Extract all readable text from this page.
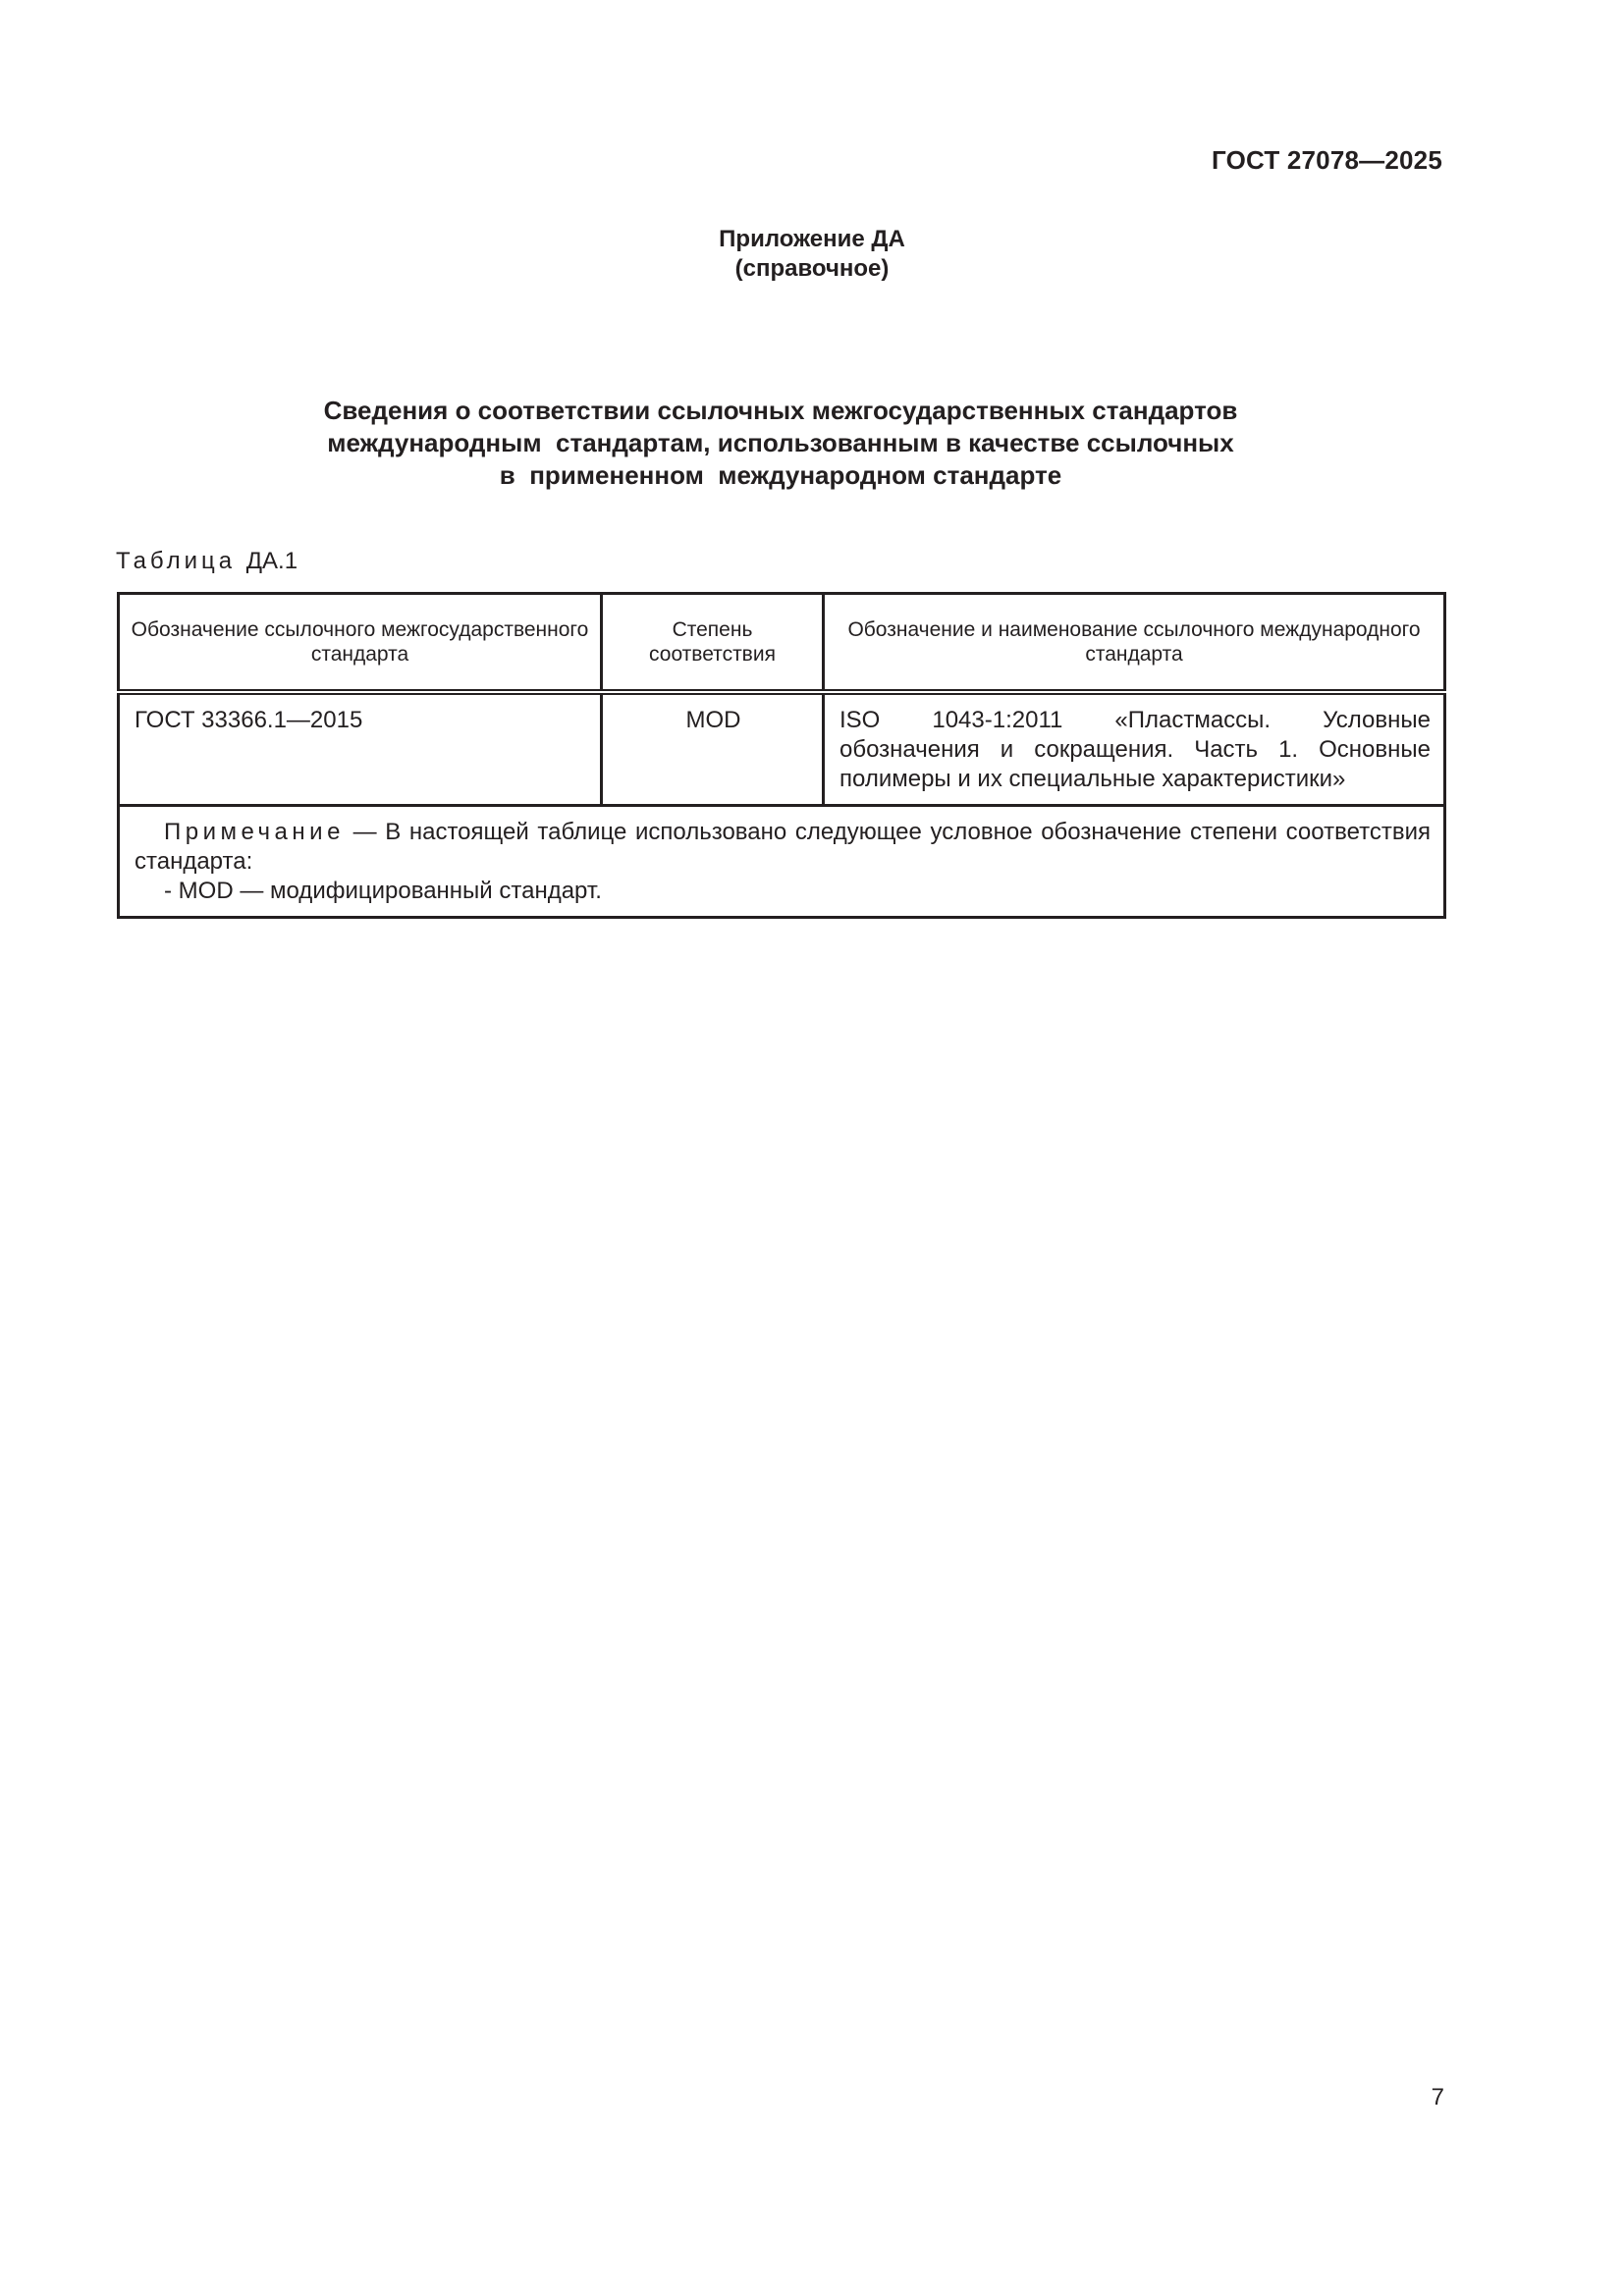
ГОСТ 27078—2025
Приложение ДА
(справочное)
Сведения о соответствии ссылочных межгосударственных стандартов
международным  стандартам, использованным в качестве ссылочных
в  примененном  международном стандарте
Таблица ДА.1
Обозначение ссылочного межгосударственного стандарта	Степень соответствия	Обозначение и наименование ссылочного международного стандарта
ГОСТ 33366.1—2015	MOD	ISO 1043-1:2011 «Пластмассы. Условные обозначения и сокращения. Часть 1. Основные полимеры и их специальные характеристики»

Примечание — В настоящей таблице использовано следующее условное обозначение степени соответствия стандарта:
- MOD — модифицированный стандарт.		
7
